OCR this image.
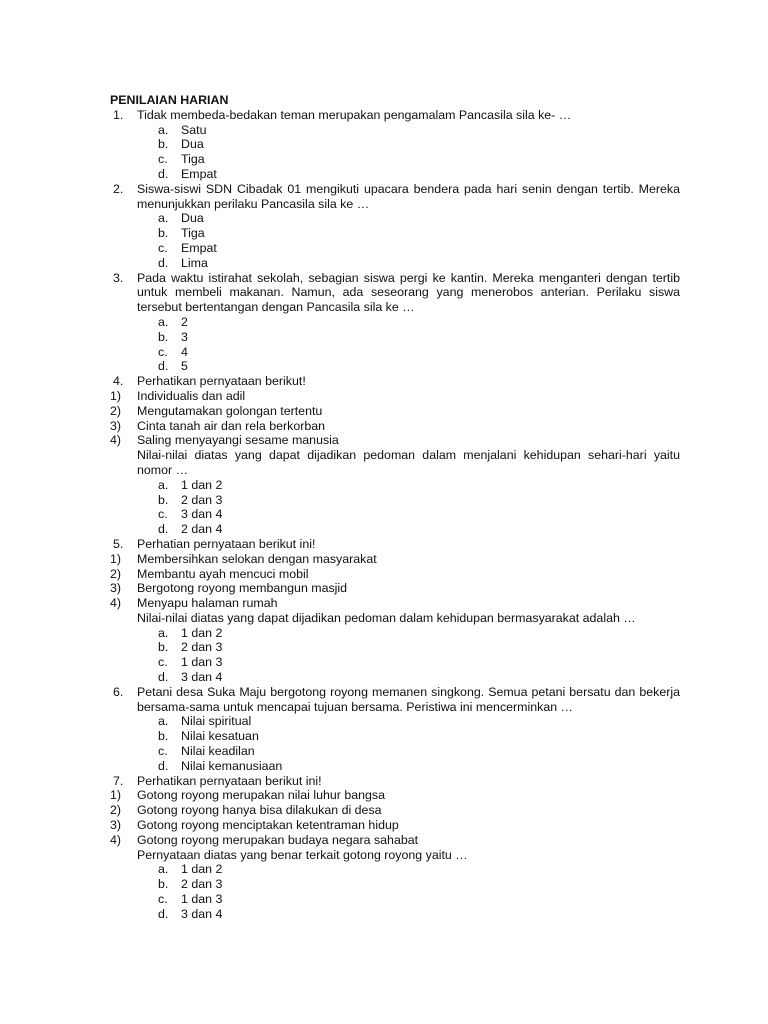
PENILAIAN HARIAN
1. Tidak membeda-bedakan teman merupakan pengamalam Pancasila sila ke- …
a. Satu
b. Dua
c. Tiga
d. Empat
2. Siswa-siswi SDN Cibadak 01 mengikuti upacara bendera pada hari senin dengan tertib. Mereka menunjukkan perilaku Pancasila sila ke …
a. Dua
b. Tiga
c. Empat
d. Lima
3. Pada waktu istirahat sekolah, sebagian siswa pergi ke kantin. Mereka menganteri dengan tertib untuk membeli makanan. Namun, ada seseorang yang menerobos anterian. Perilaku siswa tersebut bertentangan dengan Pancasila sila ke …
a. 2
b. 3
c. 4
d. 5
4. Perhatikan pernyataan berikut!
1) Individualis dan adil
2) Mengutamakan golongan tertentu
3) Cinta tanah air dan rela berkorban
4) Saling menyayangi sesame manusia
Nilai-nilai diatas yang dapat dijadikan pedoman dalam menjalani kehidupan sehari-hari yaitu nomor …
a. 1 dan 2
b. 2 dan 3
c. 3 dan 4
d. 2 dan 4
5. Perhatian pernyataan berikut ini!
1) Membersihkan selokan dengan masyarakat
2) Membantu ayah mencuci mobil
3) Bergotong royong membangun masjid
4) Menyapu halaman rumah
Nilai-nilai diatas yang dapat dijadikan pedoman dalam kehidupan bermasyarakat adalah …
a. 1 dan 2
b. 2 dan 3
c. 1 dan 3
d. 3 dan 4
6. Petani desa Suka Maju bergotong royong memanen singkong. Semua petani bersatu dan bekerja bersama-sama untuk mencapai tujuan bersama. Peristiwa ini mencerminkan …
a. Nilai spiritual
b. Nilai kesatuan
c. Nilai keadilan
d. Nilai kemanusiaan
7. Perhatikan pernyataan berikut ini!
1) Gotong royong merupakan nilai luhur bangsa
2) Gotong royong hanya bisa dilakukan di desa
3) Gotong royong menciptakan ketentraman hidup
4) Gotong royong merupakan budaya negara sahabat
Pernyataan diatas yang benar terkait gotong royong yaitu …
a. 1 dan 2
b. 2 dan 3
c. 1 dan 3
d. 3 dan 4
